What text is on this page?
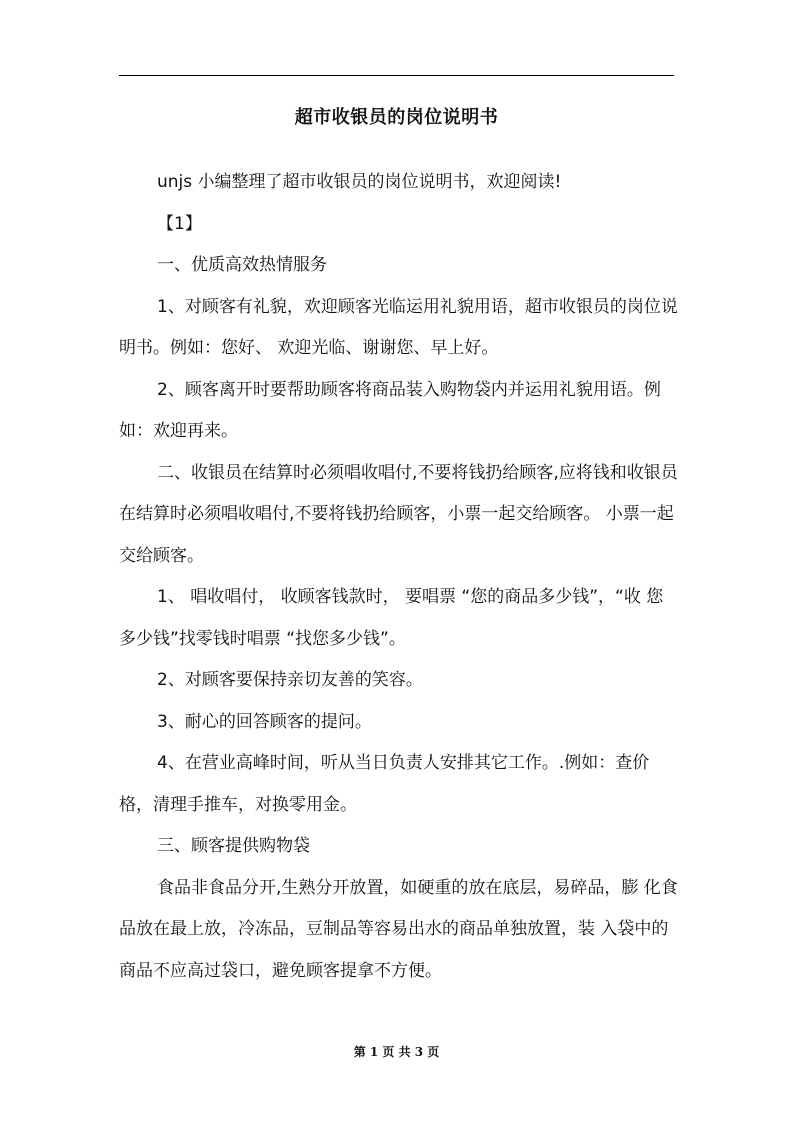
超市收银员的岗位说明书

unjs 小编整理了超市收银员的岗位说明书，欢迎阅读!

【1】

一、优质高效热情服务

1、对顾客有礼貌，欢迎顾客光临运用礼貌用语，超市收银员的岗位说明书。例如：您好、 欢迎光临、谢谢您、早上好。

2、顾客离开时要帮助顾客将商品装入购物袋内并运用礼貌用语。例如：欢迎再来。

二、收银员在结算时必须唱收唱付,不要将钱扔给顾客,应将钱和收银员在结算时必须唱收唱付,不要将钱扔给顾客，小票一起交给顾客。 小票一起交给顾客。

1、 唱收唱付， 收顾客钱款时， 要唱票 “您的商品多少钱”，“收 您多少钱”找零钱时唱票 “找您多少钱”。

2、对顾客要保持亲切友善的笑容。

3、耐心的回答顾客的提问。

4、在营业高峰时间，听从当日负责人安排其它工作。.例如：查价格，清理手推车，对换零用金。

三、顾客提供购物袋

食品非食品分开,生熟分开放置，如硬重的放在底层，易碎品，膨 化食品放在最上放，冷冻品，豆制品等容易出水的商品单独放置，装 入袋中的商品不应高过袋口，避免顾客提拿不方便。

第 1 页 共 3 页
